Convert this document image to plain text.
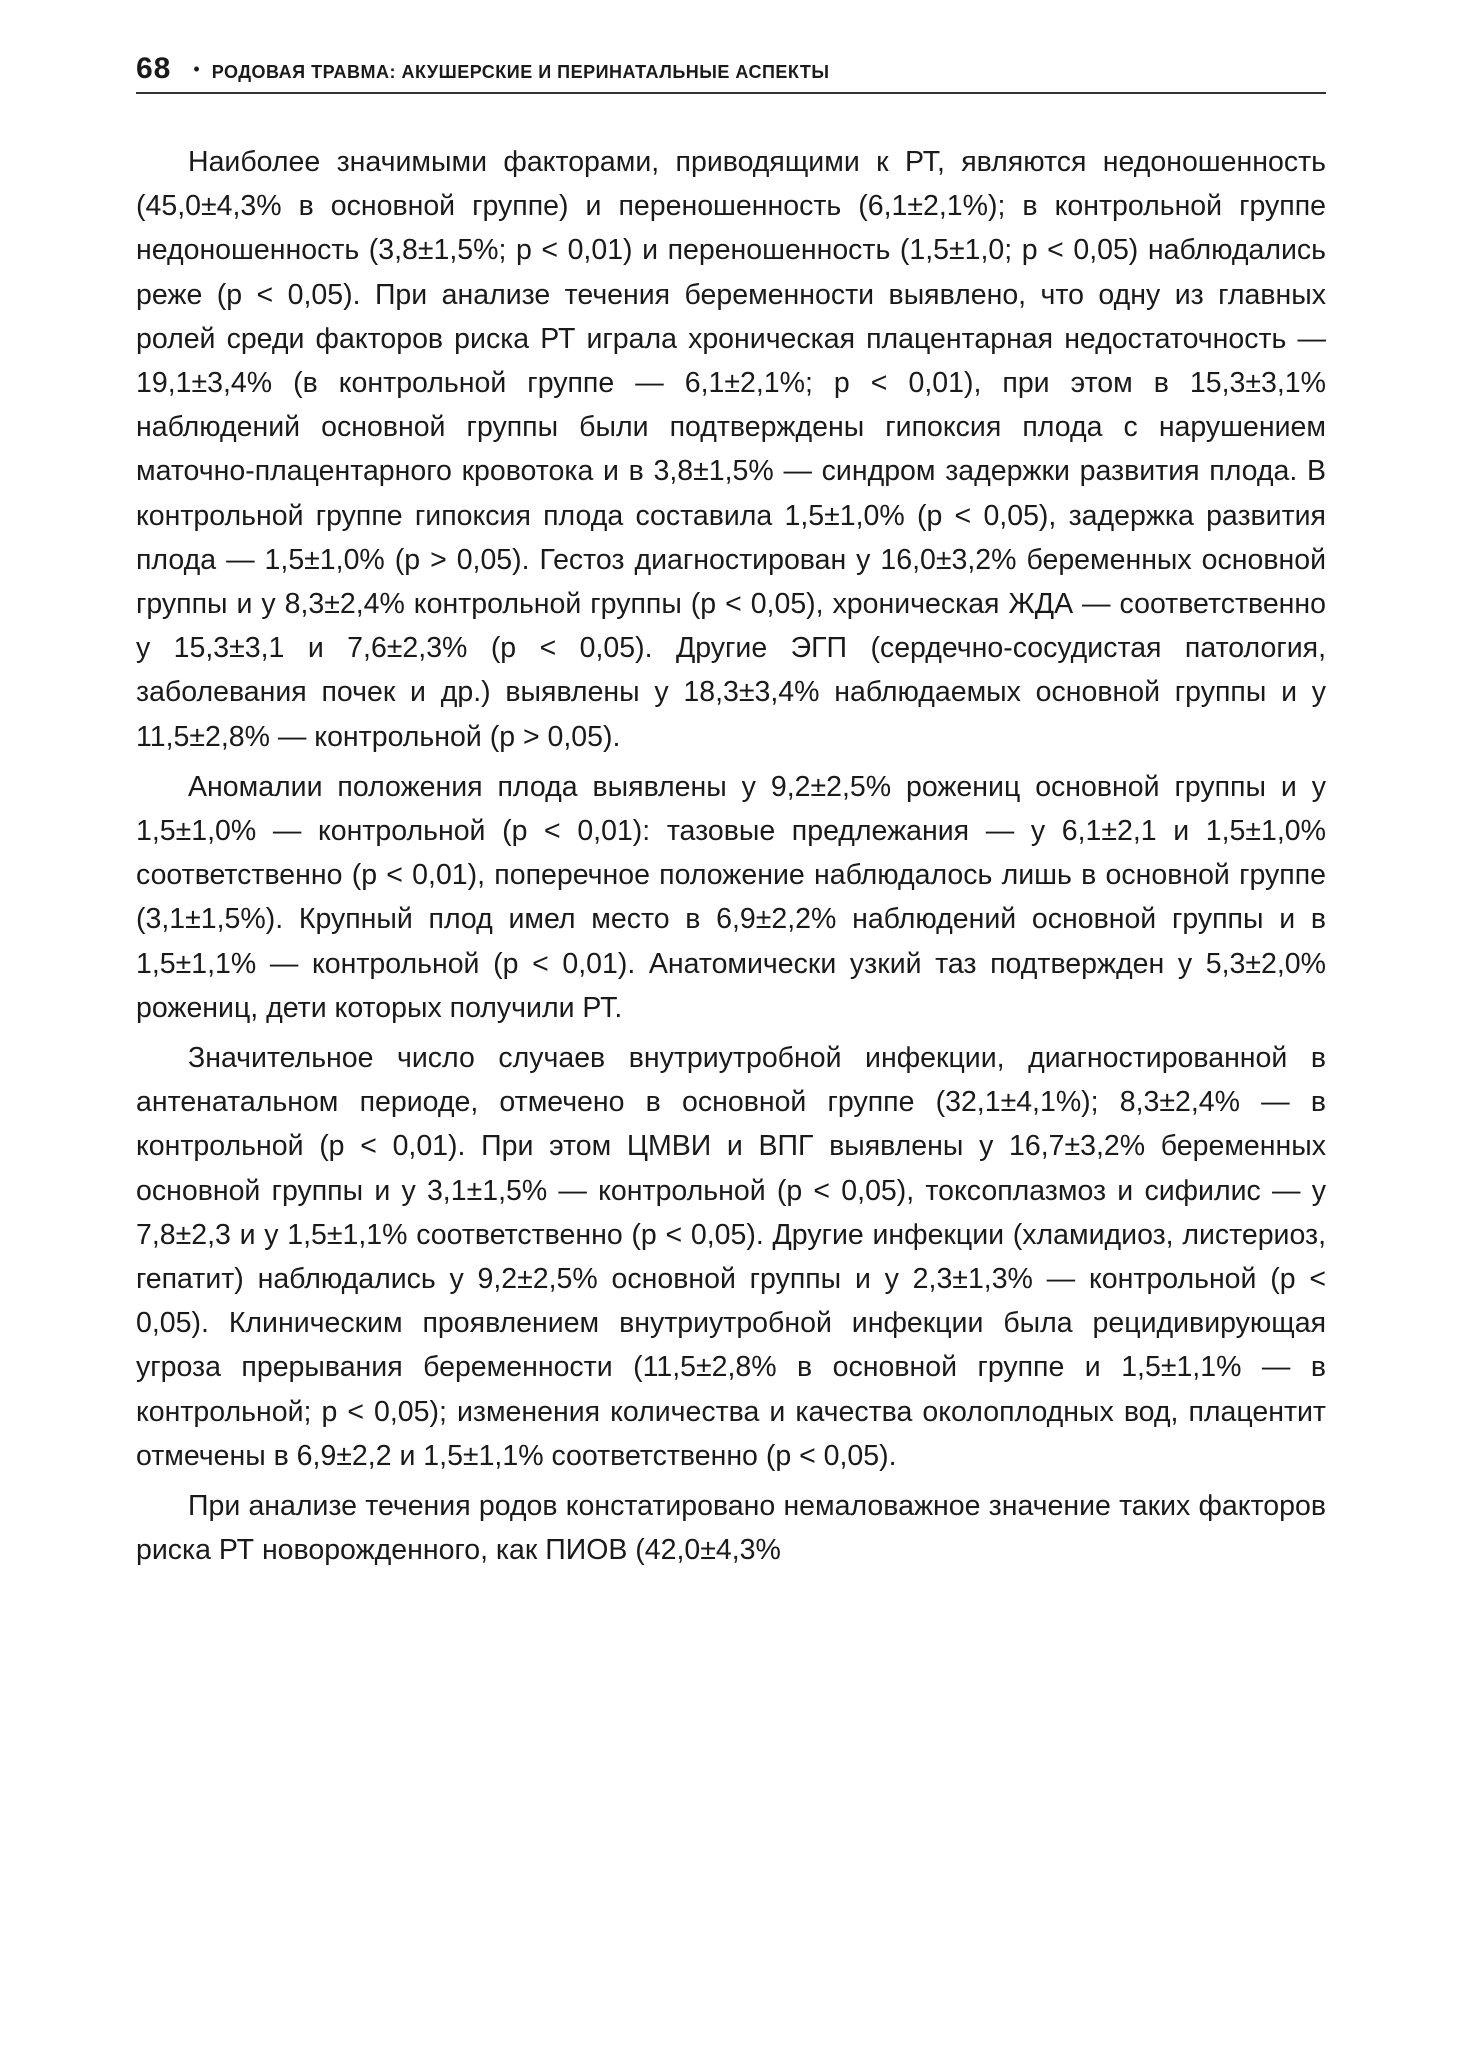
68 • РОДОВАЯ ТРАВМА: АКУШЕРСКИЕ И ПЕРИНАТАЛЬНЫЕ АСПЕКТЫ

Наиболее значимыми факторами, приводящими к РТ, являются недоношенность (45,0±4,3% в основной группе) и переношенность (6,1±2,1%); в контрольной группе недоношенность (3,8±1,5%; p < 0,01) и переношенность (1,5±1,0; p < 0,05) наблюдались реже (p < 0,05). При анализе течения беременности выявлено, что одну из главных ролей среди факторов риска РТ играла хроническая плацентарная недостаточность — 19,1±3,4% (в контрольной группе — 6,1±2,1%; p < 0,01), при этом в 15,3±3,1% наблюдений основной группы были подтверждены гипоксия плода с нарушением маточно-плацентарного кровотока и в 3,8±1,5% — синдром задержки развития плода. В контрольной группе гипоксия плода составила 1,5±1,0% (p < 0,05), задержка развития плода — 1,5±1,0% (p > 0,05). Гестоз диагностирован у 16,0±3,2% беременных основной группы и у 8,3±2,4% контрольной группы (p < 0,05), хроническая ЖДА — соответственно у 15,3±3,1 и 7,6±2,3% (p < 0,05). Другие ЭГП (сердечно-сосудистая патология, заболевания почек и др.) выявлены у 18,3±3,4% наблюдаемых основной группы и у 11,5±2,8% — контрольной (p > 0,05).

Аномалии положения плода выявлены у 9,2±2,5% рожениц основной группы и у 1,5±1,0% — контрольной (p < 0,01): тазовые предлежания — у 6,1±2,1 и 1,5±1,0% соответственно (p < 0,01), поперечное положение наблюдалось лишь в основной группе (3,1±1,5%). Крупный плод имел место в 6,9±2,2% наблюдений основной группы и в 1,5±1,1% — контрольной (p < 0,01). Анатомически узкий таз подтвержден у 5,3±2,0% рожениц, дети которых получили РТ.

Значительное число случаев внутриутробной инфекции, диагностированной в антенатальном периоде, отмечено в основной группе (32,1±4,1%); 8,3±2,4% — в контрольной (p < 0,01). При этом ЦМВИ и ВПГ выявлены у 16,7±3,2% беременных основной группы и у 3,1±1,5% — контрольной (p < 0,05), токсоплазмоз и сифилис — у 7,8±2,3 и у 1,5±1,1% соответственно (p < 0,05). Другие инфекции (хламидиоз, листериоз, гепатит) наблюдались у 9,2±2,5% основной группы и у 2,3±1,3% — контрольной (p < 0,05). Клиническим проявлением внутриутробной инфекции была рецидивирующая угроза прерывания беременности (11,5±2,8% в основной группе и 1,5±1,1% — в контрольной; p < 0,05); изменения количества и качества околоплодных вод, плацентит отмечены в 6,9±2,2 и 1,5±1,1% соответственно (p < 0,05).

При анализе течения родов констатировано немаловажное значение таких факторов риска РТ новорожденного, как ПИОВ (42,0±4,3%
